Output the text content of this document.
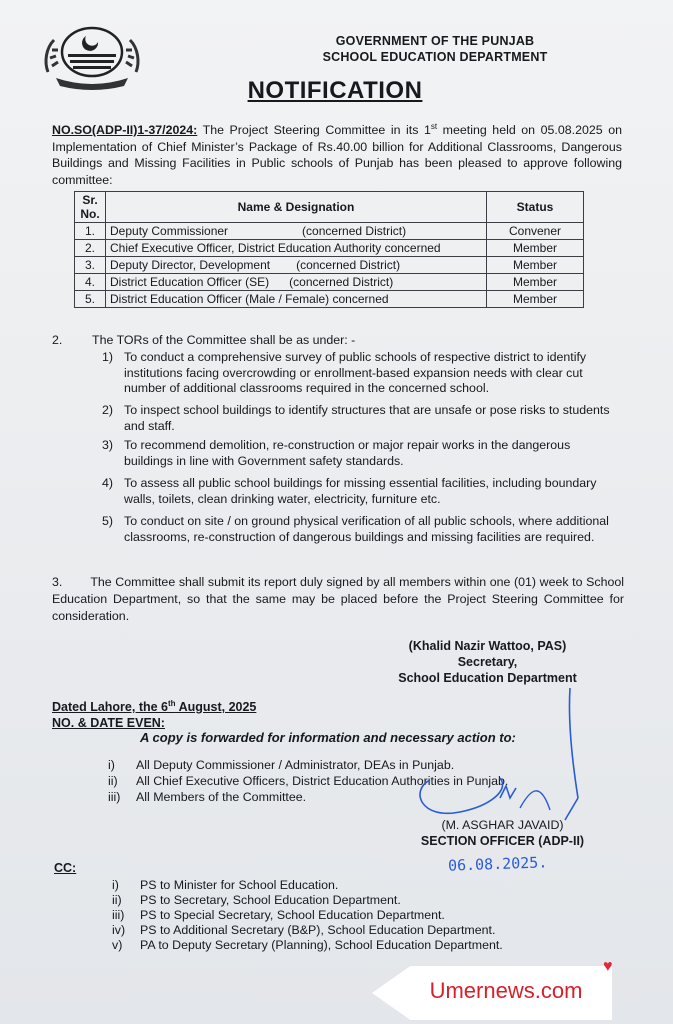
GOVERNMENT OF THE PUNJAB
SCHOOL EDUCATION DEPARTMENT
NOTIFICATION
NO.SO(ADP-II)1-37/2024: The Project Steering Committee in its 1st meeting held on 05.08.2025 on Implementation of Chief Minister’s Package of Rs.40.00 billion for Additional Classrooms, Dangerous Buildings and Missing Facilities in Public schools of Punjab has been pleased to approve following committee:
Sr.
No.	Name & Designation	Status
1.	Deputy Commissioner (concerned District)	Convener
2.	Chief Executive Officer, District Education Authority concerned	Member
3.	Deputy Director, Development (concerned District)	Member
4.	District Education Officer (SE) (concerned District)	Member
5.	District Education Officer (Male / Female) concerned	Member
2. The TORs of the Committee shall be as under: -
1) To conduct a comprehensive survey of public schools of respective district to identify institutions facing overcrowding or enrollment-based expansion needs with clear cut number of additional classrooms required in the concerned school.
2) To inspect school buildings to identify structures that are unsafe or pose risks to students and staff.
3) To recommend demolition, re-construction or major repair works in the dangerous buildings in line with Government safety standards.
4) To assess all public school buildings for missing essential facilities, including boundary walls, toilets, clean drinking water, electricity, furniture etc.
5) To conduct on site / on ground physical verification of all public schools, where additional classrooms, re-construction of dangerous buildings and missing facilities are required.
3. The Committee shall submit its report duly signed by all members within one (01) week to School Education Department, so that the same may be placed before the Project Steering Committee for consideration.
(Khalid Nazir Wattoo, PAS)
Secretary,
School Education Department
Dated Lahore, the 6th August, 2025
NO. & DATE EVEN:
A copy is forwarded for information and necessary action to:
i) All Deputy Commissioner / Administrator, DEAs in Punjab.
ii) All Chief Executive Officers, District Education Authorities in Punjab.
iii) All Members of the Committee.
(M. ASGHAR JAVAID)
SECTION OFFICER (ADP-II)
06.08.2025.
CC:
i) PS to Minister for School Education.
ii) PS to Secretary, School Education Department.
iii) PS to Special Secretary, School Education Department.
iv) PS to Additional Secretary (B&P), School Education Department.
v) PA to Deputy Secretary (Planning), School Education Department.
Umernews.com
♥
